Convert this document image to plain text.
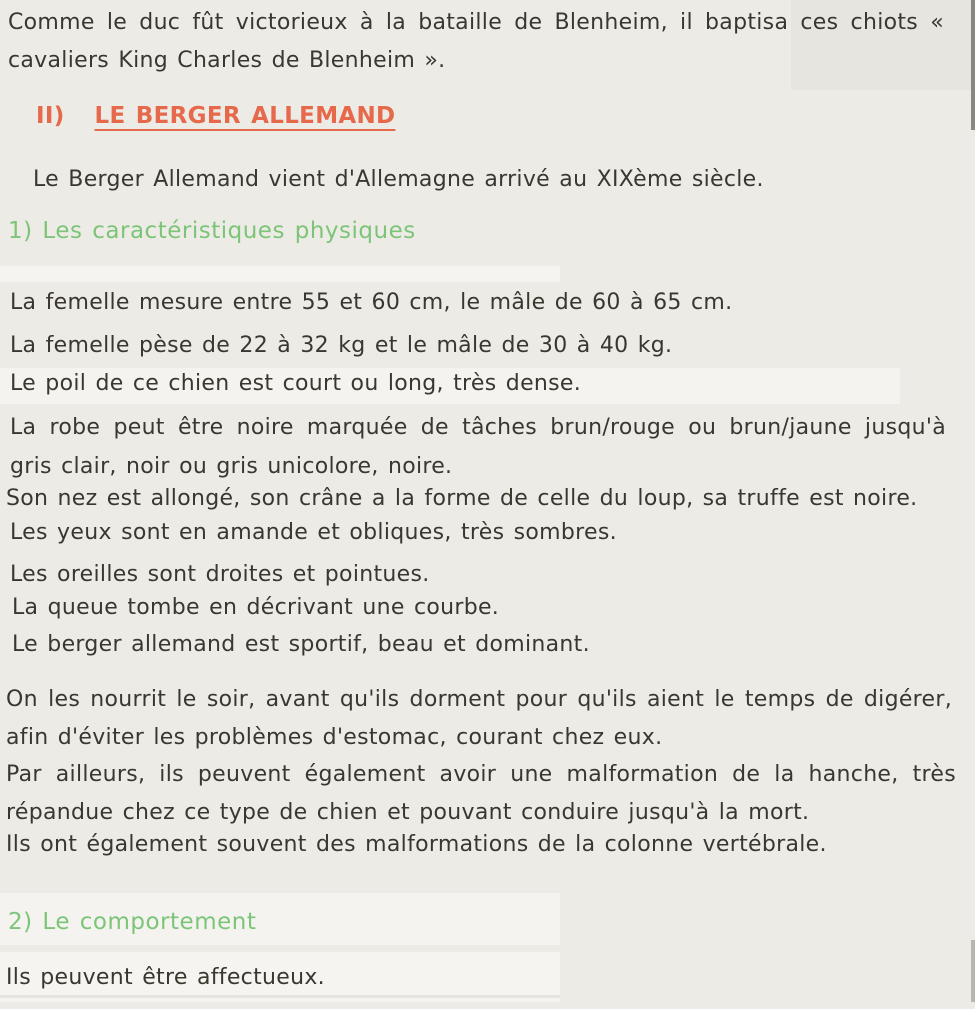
Comme le duc fût victorieux à la bataille de Blenheim, il baptisa ces chiots « cavaliers King Charles de Blenheim ».
II) LE BERGER ALLEMAND
Le Berger Allemand vient d'Allemagne arrivé au XIXème siècle.
1) Les caractéristiques physiques
La femelle mesure entre 55 et 60 cm, le mâle de 60 à 65 cm.
La femelle pèse de 22 à 32 kg et le mâle de 30 à 40 kg.
Le poil de ce chien est court ou long, très dense.
La robe peut être noire marquée de tâches brun/rouge ou brun/jaune jusqu'à gris clair, noir ou gris unicolore, noire.
Son nez est allongé, son crâne a la forme de celle du loup, sa truffe est noire.
Les yeux sont en amande et obliques, très sombres.
Les oreilles sont droites et pointues.
La queue tombe en décrivant une courbe.
Le berger allemand est sportif, beau et dominant.
On les nourrit le soir, avant qu'ils dorment pour qu'ils aient le temps de digérer, afin d'éviter les problèmes d'estomac, courant chez eux.
Par ailleurs, ils peuvent également avoir une malformation de la hanche, très répandue chez ce type de chien et pouvant conduire jusqu'à la mort.
Ils ont également souvent des malformations de la colonne vertébrale.
2) Le comportement
Ils peuvent être affectueux.
